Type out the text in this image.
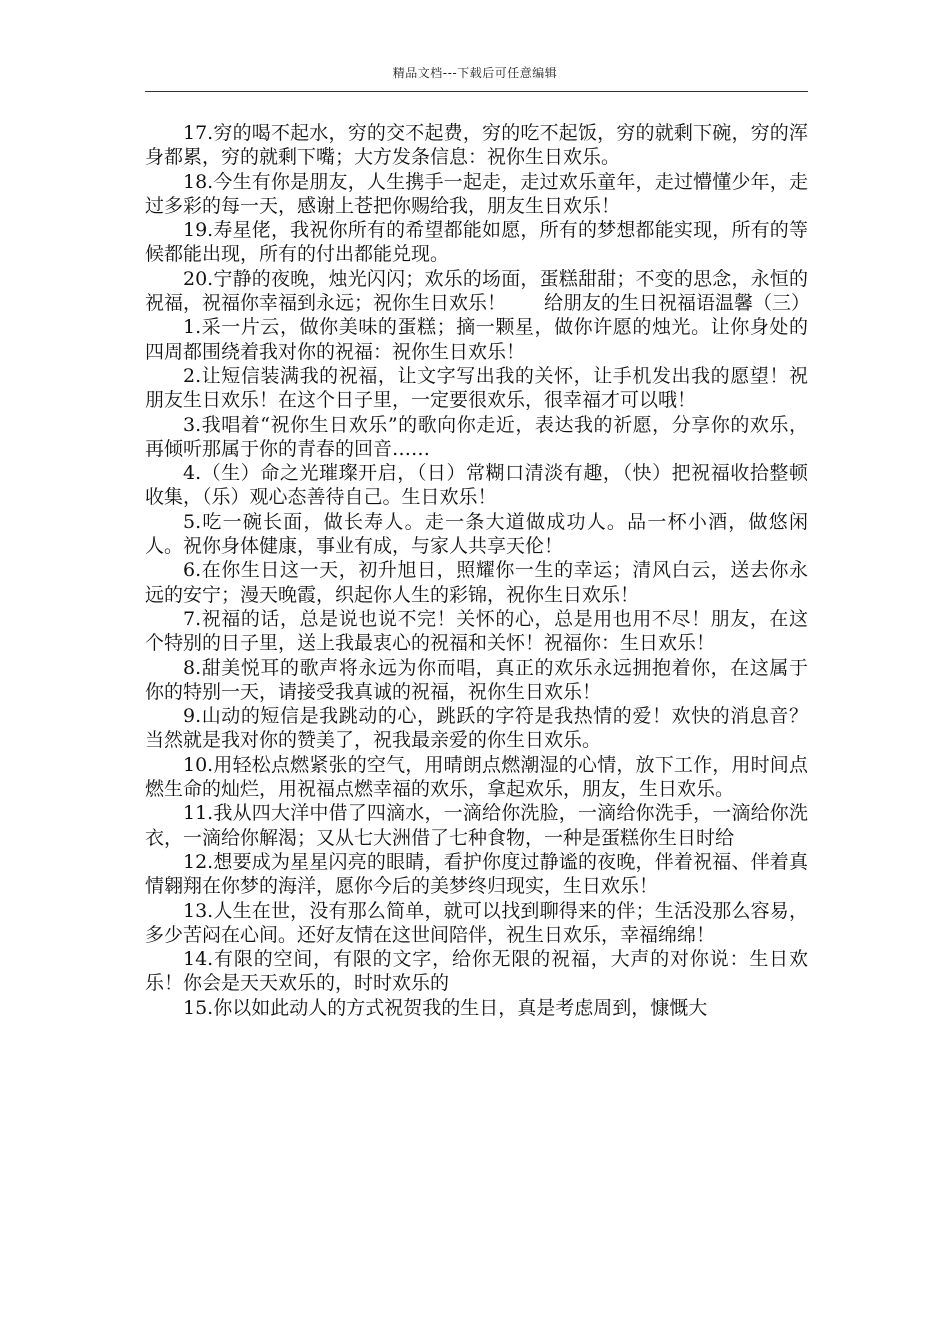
精品文档---下载后可任意编辑

17.穷的喝不起水，穷的交不起费，穷的吃不起饭，穷的就剩下碗，穷的浑身都累，穷的就剩下嘴；大方发条信息：祝你生日欢乐。

18.今生有你是朋友，人生携手一起走，走过欢乐童年，走过懵懂少年，走过多彩的每一天，感谢上苍把你赐给我，朋友生日欢乐！

19.寿星佬，我祝你所有的希望都能如愿，所有的梦想都能实现，所有的等候都能出现，所有的付出都能兑现。

20.宁静的夜晚，烛光闪闪；欢乐的场面，蛋糕甜甜；不变的思念，永恒的祝福，祝福你幸福到永远；祝你生日欢乐！　　给朋友的生日祝福语温馨（三）

1.采一片云，做你美味的蛋糕；摘一颗星，做你许愿的烛光。让你身处的四周都围绕着我对你的祝福：祝你生日欢乐！

2.让短信装满我的祝福，让文字写出我的关怀，让手机发出我的愿望！祝朋友生日欢乐！在这个日子里，一定要很欢乐，很幸福才可以哦！

3.我唱着“祝你生日欢乐”的歌向你走近，表达我的祈愿，分享你的欢乐，再倾听那属于你的青春的回音……

4.（生）命之光璀璨开启，（日）常糊口清淡有趣，（快）把祝福收拾整顿收集，（乐）观心态善待自己。生日欢乐！

5.吃一碗长面，做长寿人。走一条大道做成功人。品一杯小酒，做悠闲人。祝你身体健康，事业有成，与家人共享天伦！

6.在你生日这一天，初升旭日，照耀你一生的幸运；清风白云，送去你永远的安宁；漫天晚霞，织起你人生的彩锦，祝你生日欢乐！

7.祝福的话，总是说也说不完！关怀的心，总是用也用不尽！朋友，在这个特别的日子里，送上我最衷心的祝福和关怀！祝福你：生日欢乐！

8.甜美悦耳的歌声将永远为你而唱，真正的欢乐永远拥抱着你，在这属于你的特别一天，请接受我真诚的祝福，祝你生日欢乐！

9.山动的短信是我跳动的心，跳跃的字符是我热情的爱！欢快的消息音？当然就是我对你的赞美了，祝我最亲爱的你生日欢乐。

10.用轻松点燃紧张的空气，用晴朗点燃潮湿的心情，放下工作，用时间点燃生命的灿烂，用祝福点燃幸福的欢乐，拿起欢乐，朋友，生日欢乐。

11.我从四大洋中借了四滴水，一滴给你洗脸，一滴给你洗手，一滴给你洗衣，一滴给你解渴；又从七大洲借了七种食物，一种是蛋糕你生日时给

12.想要成为星星闪亮的眼睛，看护你度过静谧的夜晚，伴着祝福、伴着真情翱翔在你梦的海洋，愿你今后的美梦终归现实，生日欢乐！

13.人生在世，没有那么简单，就可以找到聊得来的伴；生活没那么容易，多少苦闷在心间。还好友情在这世间陪伴，祝生日欢乐，幸福绵绵！

14.有限的空间，有限的文字，给你无限的祝福，大声的对你说：生日欢乐！你会是天天欢乐的，时时欢乐的

15.你以如此动人的方式祝贺我的生日，真是考虑周到，慷慨大
